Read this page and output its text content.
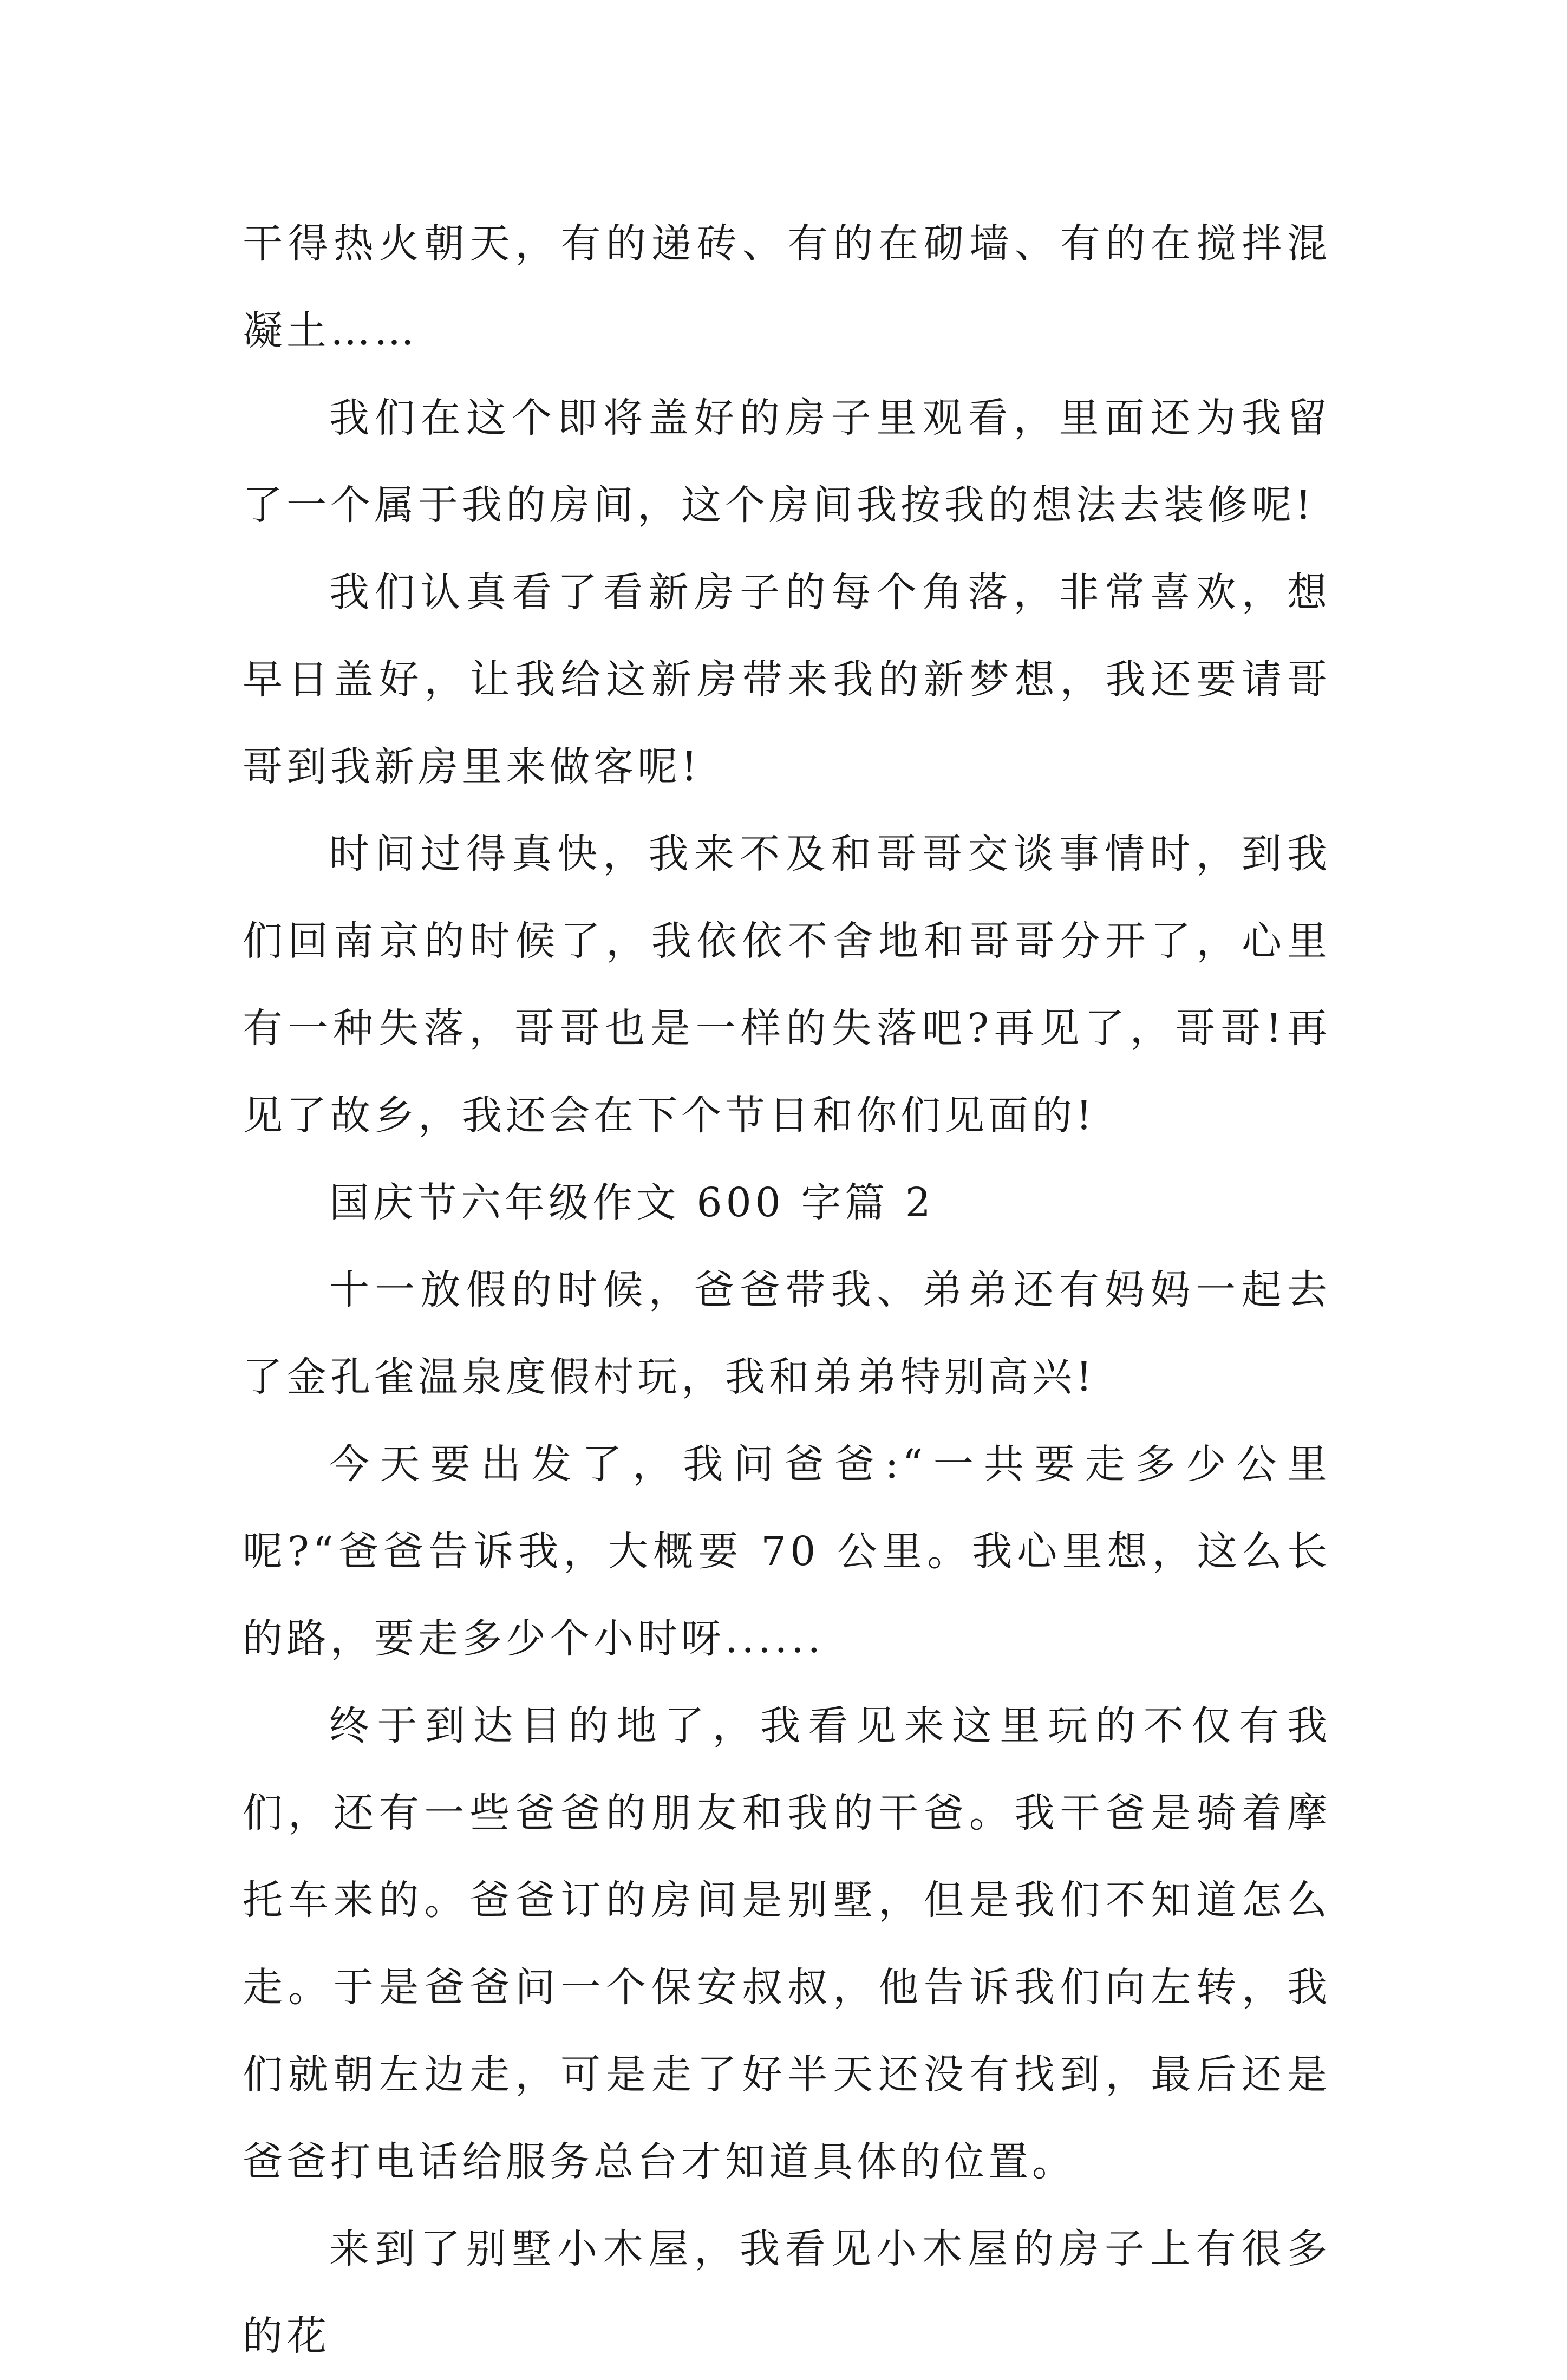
干得热火朝天，有的递砖、有的在砌墙、有的在搅拌混凝土……

我们在这个即将盖好的房子里观看，里面还为我留了一个属于我的房间，这个房间我按我的想法去装修呢!

我们认真看了看新房子的每个角落，非常喜欢，想早日盖好，让我给这新房带来我的新梦想，我还要请哥哥到我新房里来做客呢!

时间过得真快，我来不及和哥哥交谈事情时，到我们回南京的时候了，我依依不舍地和哥哥分开了，心里有一种失落，哥哥也是一样的失落吧?再见了，哥哥!再见了故乡，我还会在下个节日和你们见面的!

国庆节六年级作文 600 字篇 2

十一放假的时候，爸爸带我、弟弟还有妈妈一起去了金孔雀温泉度假村玩，我和弟弟特别高兴!

今天要出发了，我问爸爸:“一共要走多少公里呢?“爸爸告诉我，大概要 70 公里。我心里想，这么长的路，要走多少个小时呀......

终于到达目的地了，我看见来这里玩的不仅有我们，还有一些爸爸的朋友和我的干爸。我干爸是骑着摩托车来的。爸爸订的房间是别墅，但是我们不知道怎么走。于是爸爸问一个保安叔叔，他告诉我们向左转，我们就朝左边走，可是走了好半天还没有找到，最后还是爸爸打电话给服务总台才知道具体的位置。

来到了别墅小木屋，我看见小木屋的房子上有很多的花
